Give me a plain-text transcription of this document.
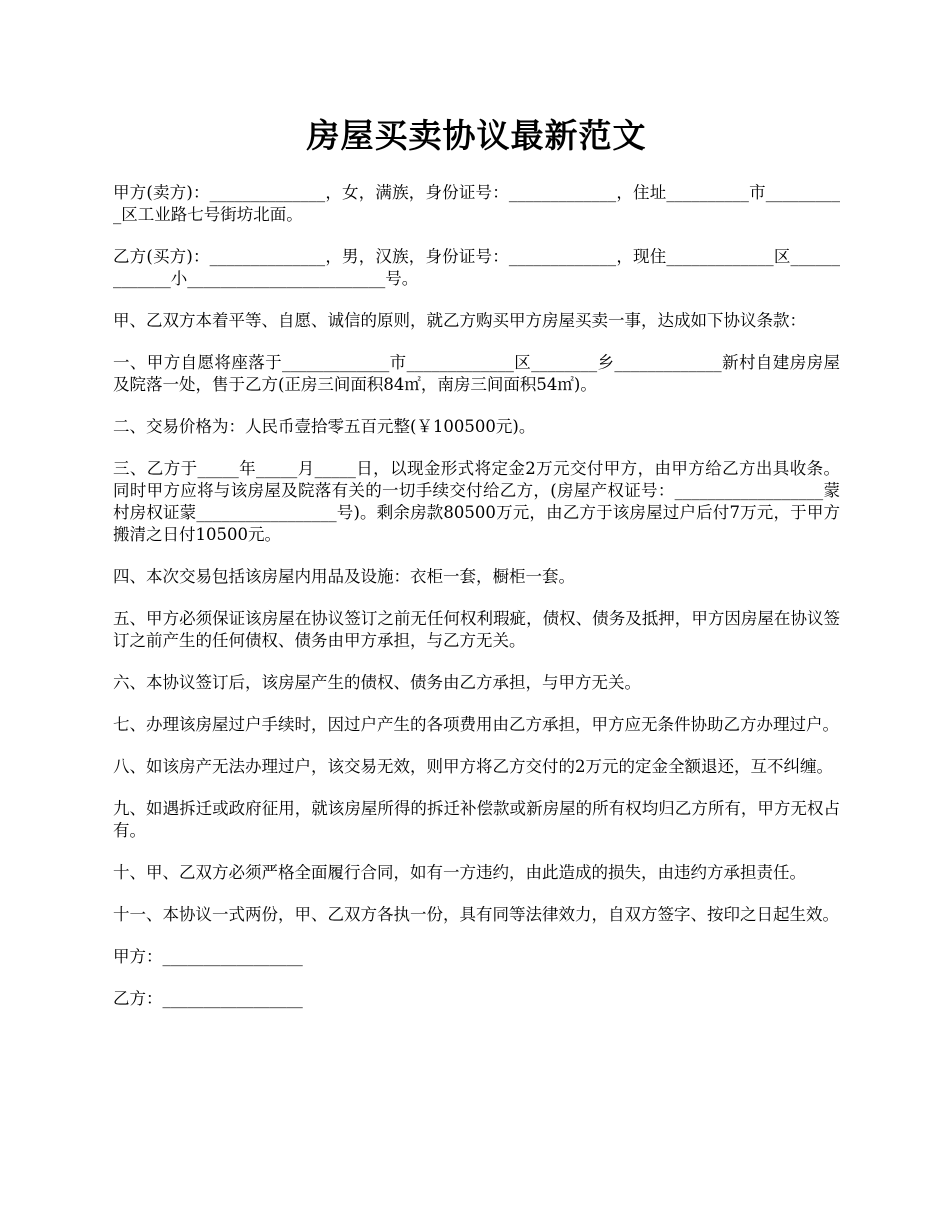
房屋买卖协议最新范文

甲方(卖方)：______________，女，满族，身份证号：_____________，住址__________市__________区工业路七号街坊北面。

乙方(买方)：______________，男，汉族，身份证号：_____________，现住_____________区_____________小________________________号。

甲、乙双方本着平等、自愿、诚信的原则，就乙方购买甲方房屋买卖一事，达成如下协议条款：

一、甲方自愿将座落于_____________市_____________区________乡_____________新村自建房房屋及院落一处，售于乙方(正房三间面积84㎡，南房三间面积54㎡)。

二、交易价格为：人民币壹拾零五百元整(￥100500元)。

三、乙方于_____年_____月_____日，以现金形式将定金2万元交付甲方，由甲方给乙方出具收条。同时甲方应将与该房屋及院落有关的一切手续交付给乙方，(房屋产权证号：__________________蒙村房权证蒙_________________号)。剩余房款80500万元，由乙方于该房屋过户后付7万元，于甲方搬清之日付10500元。

四、本次交易包括该房屋内用品及设施：衣柜一套，橱柜一套。

五、甲方必须保证该房屋在协议签订之前无任何权利瑕疵，债权、债务及抵押，甲方因房屋在协议签订之前产生的任何债权、债务由甲方承担，与乙方无关。

六、本协议签订后，该房屋产生的债权、债务由乙方承担，与甲方无关。

七、办理该房屋过户手续时，因过户产生的各项费用由乙方承担，甲方应无条件协助乙方办理过户。

八、如该房产无法办理过户，该交易无效，则甲方将乙方交付的2万元的定金全额退还，互不纠缠。

九、如遇拆迁或政府征用，就该房屋所得的拆迁补偿款或新房屋的所有权均归乙方所有，甲方无权占有。

十、甲、乙双方必须严格全面履行合同，如有一方违约，由此造成的损失，由违约方承担责任。

十一、本协议一式两份，甲、乙双方各执一份，具有同等法律效力，自双方签字、按印之日起生效。

甲方：_________________

乙方：_________________
